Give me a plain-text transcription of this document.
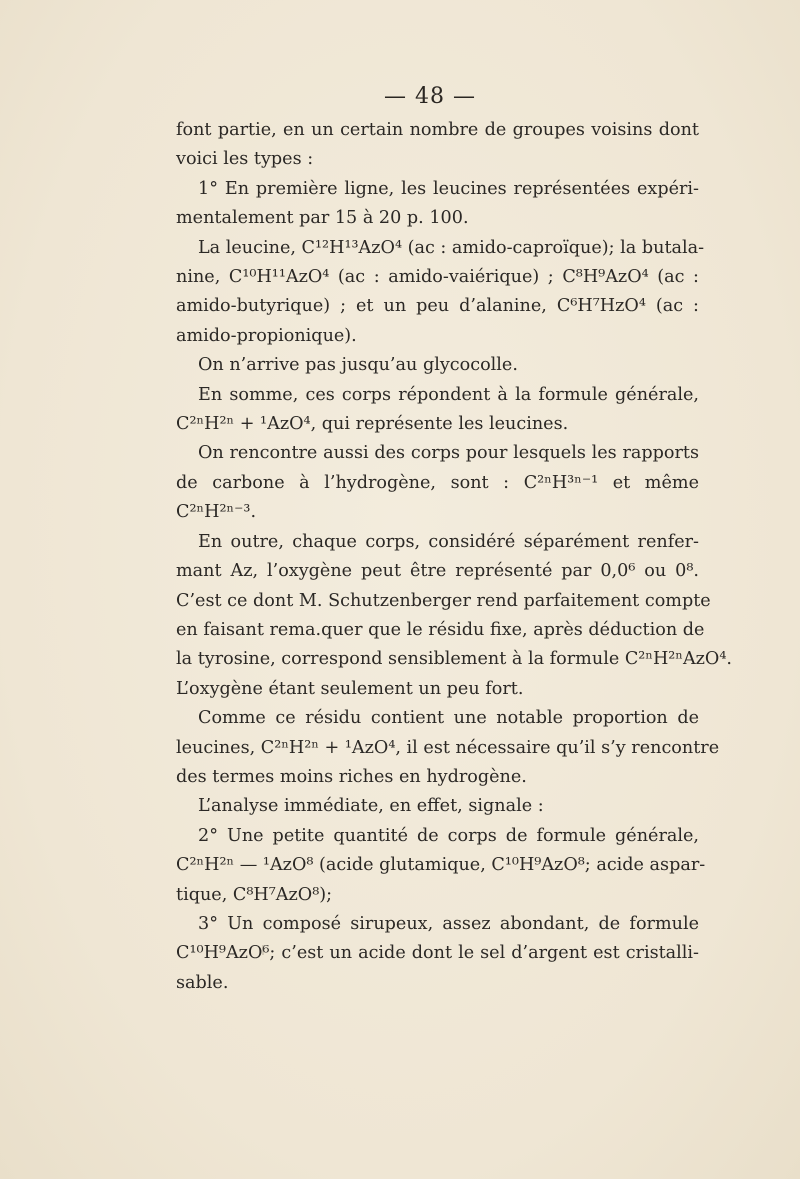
— 48 —
font partie, en un certain nombre de groupes voisins dont
voici les types :
1° En première ligne, les leucines représentées expéri-
mentalement par 15 à 20 p. 100.
La leucine, C¹²H¹³AzO⁴ (ac : amido-caproïque); la butala-
nine, C¹⁰H¹¹AzO⁴ (ac : amido-vaiérique) ; C⁸H⁹AzO⁴ (ac :
amido-butyrique) ; et un peu d’alanine, C⁶H⁷HzO⁴ (ac :
amido-propionique).
On n’arrive pas jusqu’au glycocolle.
En somme, ces corps répondent à la formule générale,
C²ⁿH²ⁿ + ¹AzO⁴, qui représente les leucines.
On rencontre aussi des corps pour lesquels les rapports
de carbone à l’hydrogène, sont : C²ⁿH³ⁿ⁻¹ et même
C²ⁿH²ⁿ⁻³.
En outre, chaque corps, considéré séparément renfer-
mant Az, l’oxygène peut être représenté par 0,0⁶ ou 0⁸.
C’est ce dont M. Schutzenberger rend parfaitement compte
en faisant rema.quer que le résidu fixe, après déduction de
la tyrosine, correspond sensiblement à la formule C²ⁿH²ⁿAzO⁴.
L’oxygène étant seulement un peu fort.
Comme ce résidu contient une notable proportion de
leucines, C²ⁿH²ⁿ + ¹AzO⁴, il est nécessaire qu’il s’y rencontre
des termes moins riches en hydrogène.
L’analyse immédiate, en effet, signale :
2° Une petite quantité de corps de formule générale,
C²ⁿH²ⁿ — ¹AzO⁸ (acide glutamique, C¹⁰H⁹AzO⁸; acide aspar-
tique, C⁸H⁷AzO⁸);
3° Un composé sirupeux, assez abondant, de formule
C¹⁰H⁹AzO⁶; c’est un acide dont le sel d’argent est cristalli-
sable.
